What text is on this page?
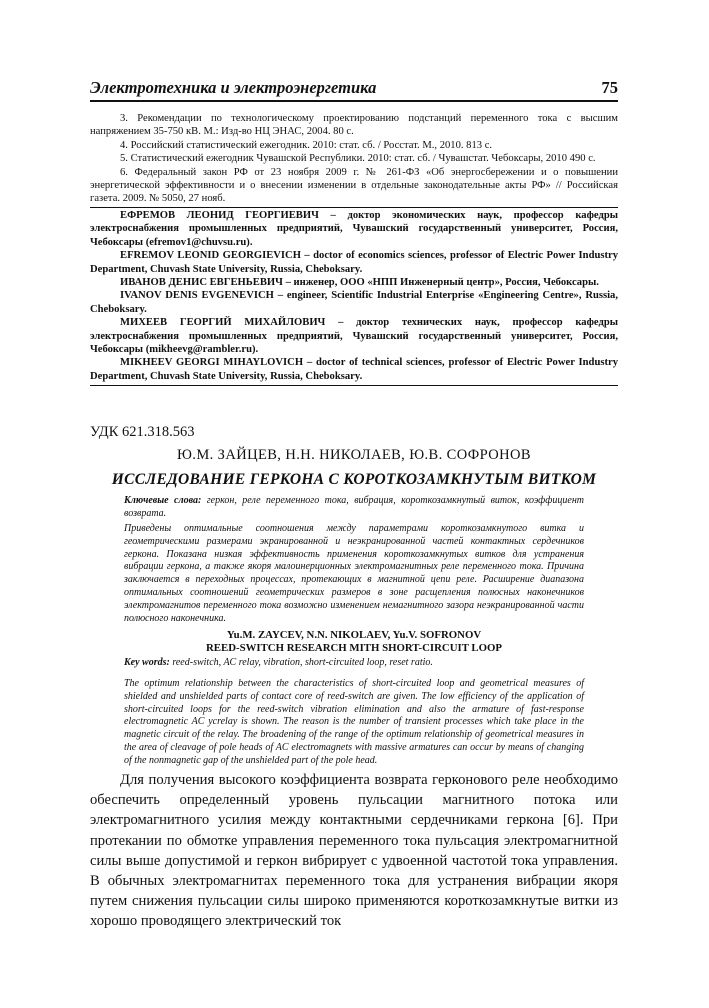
Электротехника и электроэнергетика	75

3. Рекомендации по технологическому проектированию подстанций переменного тока с высшим напряжением 35-750 кВ. М.: Изд-во НЦ ЭНАС, 2004. 80 с.

4. Российский статистический ежегодник. 2010: стат. сб. / Росстат. М., 2010. 813 с.

5. Статистический ежегодник Чувашской Республики. 2010: стат. сб. / Чувашстат. Чебоксары, 2010 490 с.

6. Федеральный закон РФ от 23 ноября 2009 г. № 261-ФЗ «Об энергосбережении и о повышении энергетической эффективности и о внесении изменении в отдельные законодательные акты РФ» // Российская газета. 2009. № 5050, 27 нояб.

ЕФРЕМОВ ЛЕОНИД ГЕОРГИЕВИЧ – доктор экономических наук, профессор кафедры электроснабжения промышленных предприятий, Чувашский государственный университет, Россия, Чебоксары (efremov1@chuvsu.ru).

EFREMOV LEONID GEORGIEVICH – doctor of economics sciences, professor of Electric Power Industry Department, Chuvash State University, Russia, Cheboksary.

ИВАНОВ ДЕНИС ЕВГЕНЬЕВИЧ – инженер, ООО «НПП Инженерный центр», Россия, Чебоксары.

IVANOV DENIS EVGENEVICH – engineer, Scientific Industrial Enterprise «Engineering Centre», Russia, Cheboksary.

МИХЕЕВ ГЕОРГИЙ МИХАЙЛОВИЧ – доктор технических наук, профессор кафедры электроснабжения промышленных предприятий, Чувашский государственный университет, Россия, Чебоксары (mikheevg@rambler.ru).

MIKHEEV GEORGI MIHAYLOVICH – doctor of technical sciences, professor of Electric Power Industry Department, Chuvash State University, Russia, Cheboksary.

УДК 621.318.563
Ю.М. ЗАЙЦЕВ, Н.Н. НИКОЛАЕВ, Ю.В. СОФРОНОВ
ИССЛЕДОВАНИЕ ГЕРКОНА С КОРОТКОЗАМКНУТЫМ ВИТКОМ

Ключевые слова: геркон, реле переменного тока, вибрация, короткозамкнутый виток, коэффициент возврата.

Приведены оптимальные соотношения между параметрами короткозамкнутого витка и геометрическими размерами экранированной и неэкранированной частей контактных сердечников геркона. Показана низкая эффективность применения короткозамкнутых витков для устранения вибрации геркона, а также якоря малоинерционных электромагнитных реле переменного тока. Причина заключается в переходных процессах, протекающих в магнитной цепи реле. Расширение диапазона оптимальных соотношений геометрических размеров в зоне расщепления полюсных наконечников электромагнитов переменного тока возможно изменением немагнитного зазора неэкранированной части полюсного наконечника.

Yu.M. ZAYCEV, N.N. NIKOLAEV, Yu.V. SOFRONOV
REED-SWITCH RESEARCH MITH SHORT-CIRCUIT LOOP

Key words: reed-switch, AC relay, vibration, short-circuited loop, reset ratio.

The optimum relationship between the characteristics of short-circuited loop and geometrical measures of shielded and unshielded parts of contact core of reed-switch are given. The low efficiency of the application of short-circuited loops for the reed-switch vibration elimination and also the armature of fast-response electromagnetic AC ycrelay is shown. The reason is the number of transient processes which take place in the magnetic circuit of the relay. The broadening of the range of the optimum relationship of geometrical measures in the area of cleavage of pole heads of AC electromagnets with massive armatures can occur by means of changing of the nonmagnetic gap of the unshielded part of the pole head.

Для получения высокого коэффициента возврата герконового реле необходимо обеспечить определенный уровень пульсации магнитного потока или электромагнитного усилия между контактными сердечниками геркона [6]. При протекании по обмотке управления переменного тока пульсация электромагнитной силы выше допустимой и геркон вибрирует с удвоенной частотой тока управления. В обычных электромагнитах переменного тока для устранения вибрации якоря путем снижения пульсации силы широко применяются короткозамкнутые витки из хорошо проводящего электрический ток
